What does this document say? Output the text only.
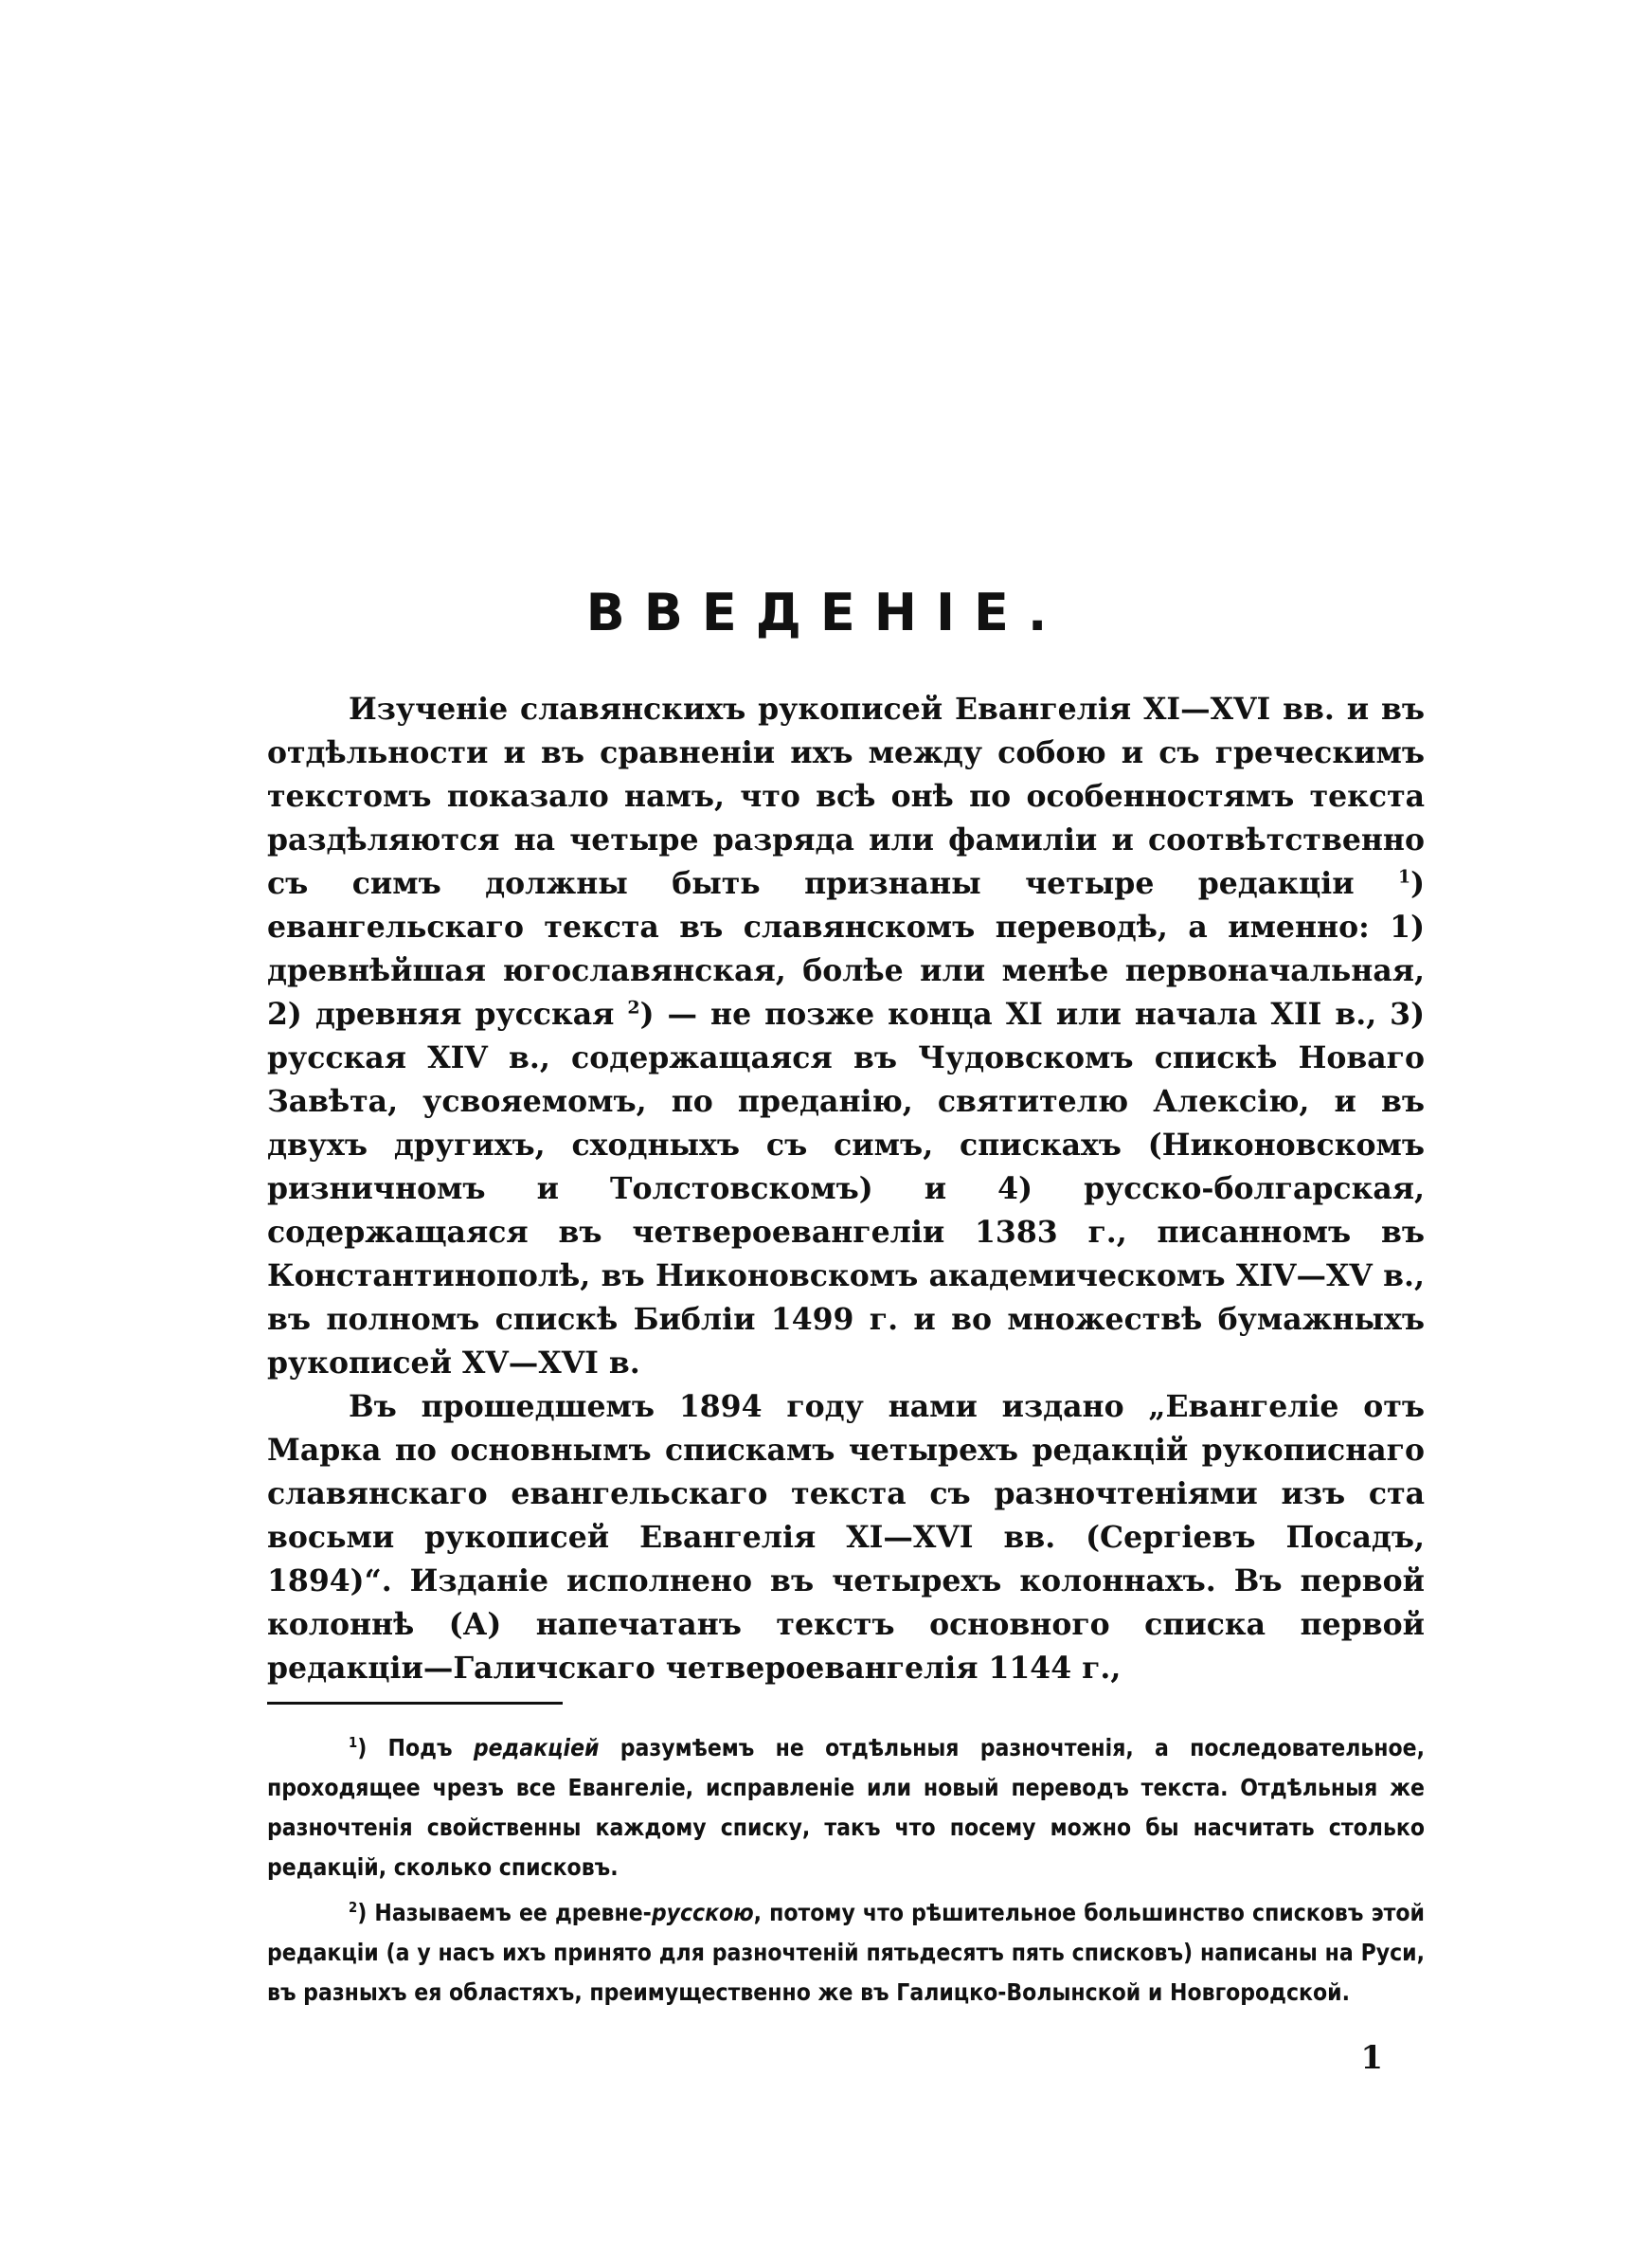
ВВЕДЕНІЕ.

Изученіе славянскихъ рукописей Евангелія XI—XVI вв. и въ отдѣльности и въ сравненіи ихъ между собою и съ греческимъ текстомъ показало намъ, что всѣ онѣ по особенностямъ текста раздѣляются на четыре разряда или фамиліи и соотвѣтственно съ симъ должны быть признаны четыре редакціи $^1$) евангельскаго текста въ славянскомъ переводѣ, а именно: 1) древнѣйшая югославянская, болѣе или менѣе первоначальная, 2) древняя русская $^2$) — не позже конца XI или начала XII в., 3) русская XIV в., содержащаяся въ Чудовскомъ спискѣ Новаго Завѣта, усвояемомъ, по преданію, святителю Алексію, и въ двухъ другихъ, сходныхъ съ симъ, спискахъ (Никоновскомъ ризничномъ и Толстовскомъ) и 4) русско-болгарская, содержащаяся въ четвероевангеліи 1383 г., писанномъ въ Константинополѣ, въ Никоновскомъ академическомъ XIV—XV в., въ полномъ спискѣ Библіи 1499 г. и во множествѣ бумажныхъ рукописей XV—XVI в.

Въ прошедшемъ 1894 году нами издано „Евангеліе отъ Марка по основнымъ спискамъ четырехъ редакцій рукописнаго славянскаго евангельскаго текста съ разночтеніями изъ ста восьми рукописей Евангелія XI—XVI вв. (Сергіевъ Посадъ, 1894)“. Изданіе исполнено въ четырехъ колоннахъ. Въ первой колоннѣ (А) напечатанъ текстъ основного списка первой редакціи—Галичскаго четвероевангелія 1144 г.,

$^1$) Подъ редакціей разумѣемъ не отдѣльныя разночтенія, а последовательное, проходящее чрезъ все Евангеліе, исправленіе или новый переводъ текста. Отдѣльныя же разночтенія свойственны каждому списку, такъ что посему можно бы насчитать столько редакцій, сколько списковъ.

$^2$) Называемъ ее древне-русскою, потому что рѣшительное большинство списковъ этой редакціи (а у насъ ихъ принято для разночтеній пятьдесятъ пять списковъ) написаны на Руси, въ разныхъ ея областяхъ, преимущественно же въ Галицко-Волынской и Новгородской.

1
